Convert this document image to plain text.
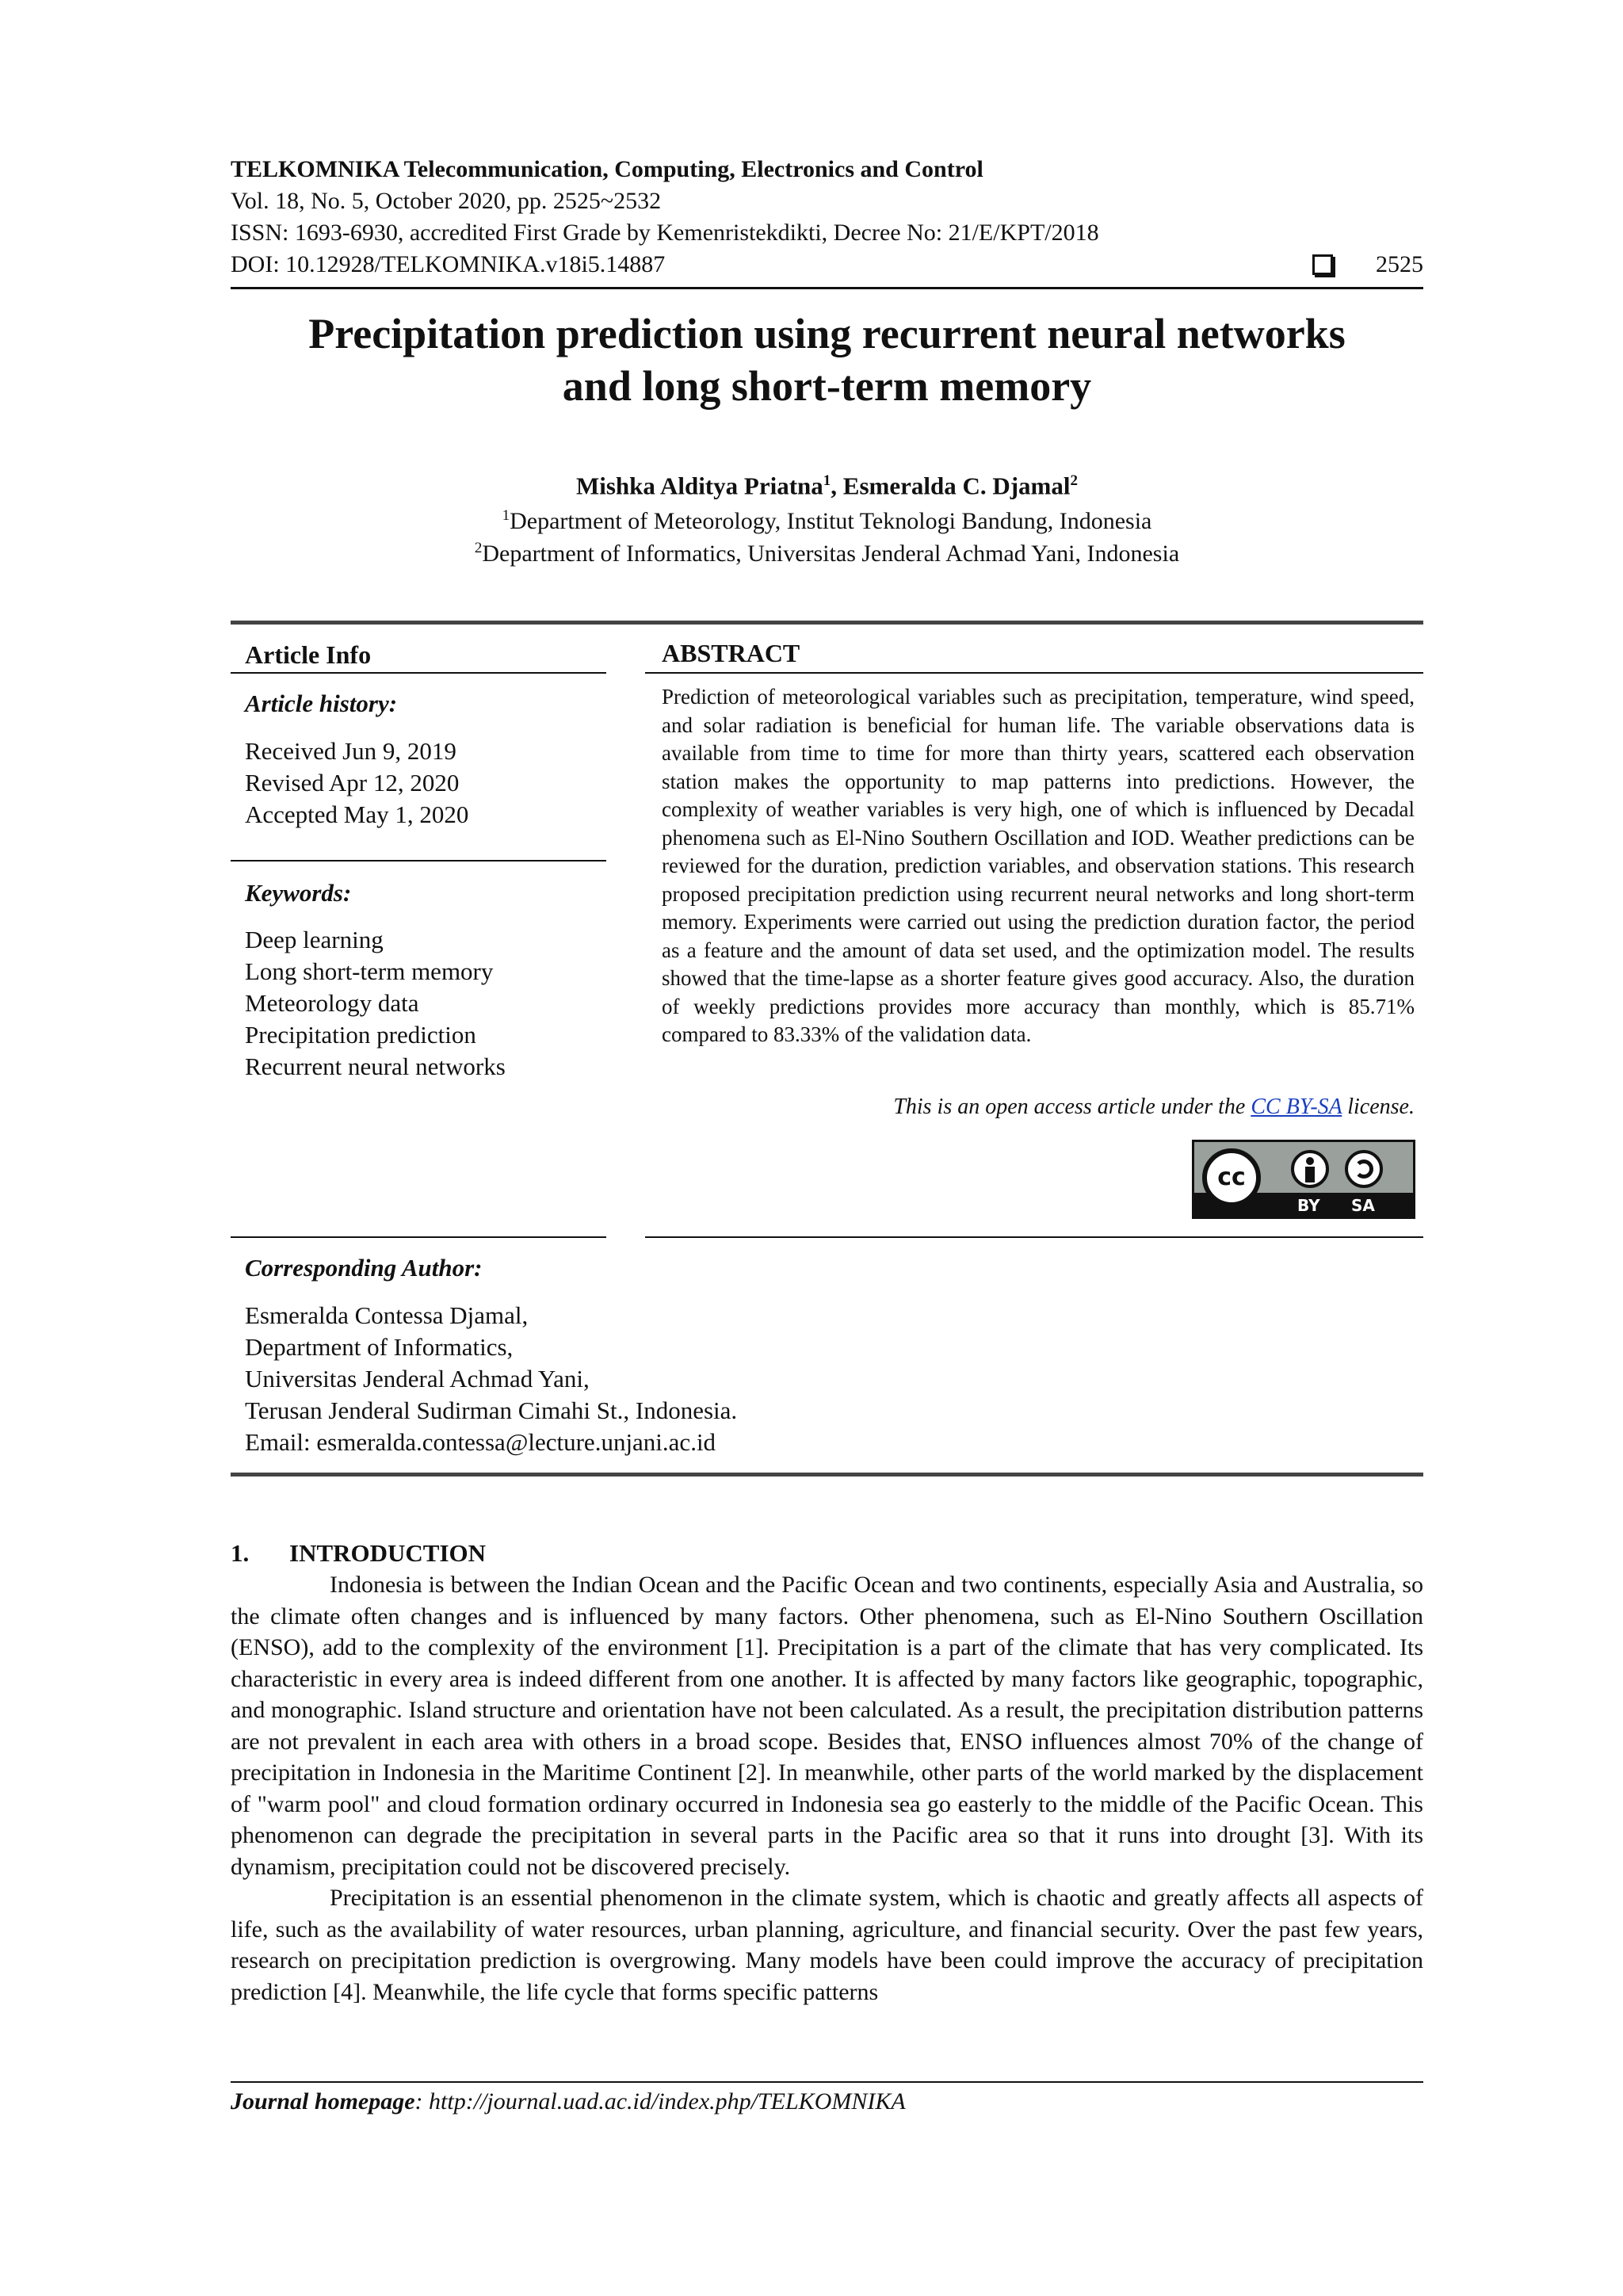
TELKOMNIKA Telecommunication, Computing, Electronics and Control
Vol. 18, No. 5, October 2020, pp. 2525~2532
ISSN: 1693-6930, accredited First Grade by Kemenristekdikti, Decree No: 21/E/KPT/2018
DOI: 10.12928/TELKOMNIKA.v18i5.14887	2525
Precipitation prediction using recurrent neural networks
and long short-term memory
Mishka Alditya Priatna$^1$, Esmeralda C. Djamal$^2$
$^1$Department of Meteorology, Institut Teknologi Bandung, Indonesia
$^2$Department of Informatics, Universitas Jenderal Achmad Yani, Indonesia
Article Info
Article history:
Received Jun 9, 2019
Revised Apr 12, 2020
Accepted May 1, 2020
Keywords:
Deep learning
Long short-term memory
Meteorology data
Precipitation prediction
Recurrent neural networks
ABSTRACT
Prediction of meteorological variables such as precipitation, temperature, wind speed, and solar radiation is beneficial for human life. The variable observations data is available from time to time for more than thirty years, scattered each observation station makes the opportunity to map patterns into predictions. However, the complexity of weather variables is very high, one of which is influenced by Decadal phenomena such as El-Nino Southern Oscillation and IOD. Weather predictions can be reviewed for the duration, prediction variables, and observation stations. This research proposed precipitation prediction using recurrent neural networks and long short-term memory. Experiments were carried out using the prediction duration factor, the period as a feature and the amount of data set used, and the optimization model. The results showed that the time-lapse as a shorter feature gives good accuracy. Also, the duration of weekly predictions provides more accuracy than monthly, which is 85.71% compared to 83.33% of the validation data.
This is an open access article under the CC BY-SA license.
cc
BY SA
Corresponding Author:
Esmeralda Contessa Djamal,
Department of Informatics,
Universitas Jenderal Achmad Yani,
Terusan Jenderal Sudirman Cimahi St., Indonesia.
Email: esmeralda.contessa@lecture.unjani.ac.id
1. INTRODUCTION

Indonesia is between the Indian Ocean and the Pacific Ocean and two continents, especially Asia and Australia, so the climate often changes and is influenced by many factors. Other phenomena, such as El-Nino Southern Oscillation (ENSO), add to the complexity of the environment [1]. Precipitation is a part of the climate that has very complicated. Its characteristic in every area is indeed different from one another. It is affected by many factors like geographic, topographic, and monographic. Island structure and orientation have not been calculated. As a result, the precipitation distribution patterns are not prevalent in each area with others in a broad scope. Besides that, ENSO influences almost 70% of the change of precipitation in Indonesia in the Maritime Continent [2]. In meanwhile, other parts of the world marked by the displacement of "warm pool" and cloud formation ordinary occurred in Indonesia sea go easterly to the middle of the Pacific Ocean. This phenomenon can degrade the precipitation in several parts in the Pacific area so that it runs into drought [3]. With its dynamism, precipitation could not be discovered precisely.

Precipitation is an essential phenomenon in the climate system, which is chaotic and greatly affects all aspects of life, such as the availability of water resources, urban planning, agriculture, and financial security. Over the past few years, research on precipitation prediction is overgrowing. Many models have been could improve the accuracy of precipitation prediction [4]. Meanwhile, the life cycle that forms specific patterns

Journal homepage: http://journal.uad.ac.id/index.php/TELKOMNIKA
